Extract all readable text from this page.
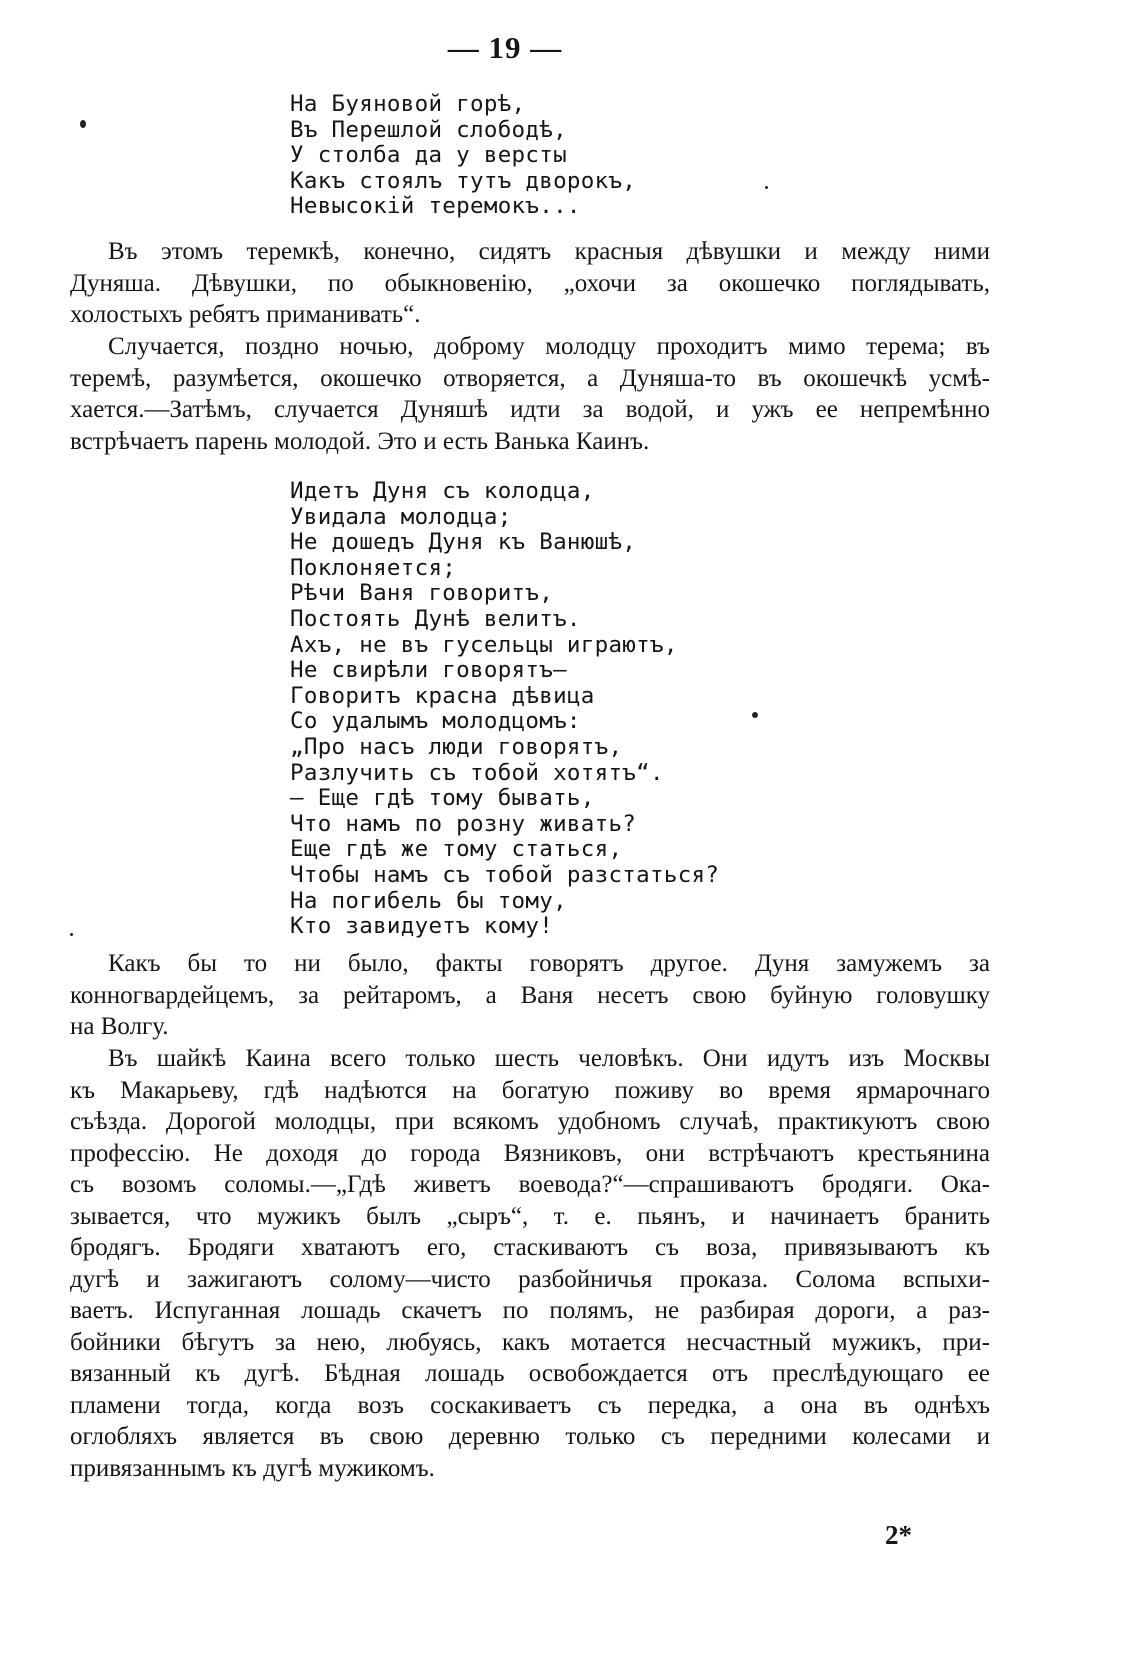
— 19 —
На Буяновой горѣ,
Въ Перешлой слободѣ,
У столба да у версты
Какъ стоялъ тутъ дворокъ,
Невысокій теремокъ...
Въ этомъ теремкѣ, конечно, сидятъ красныя дѣвушки и между ними
Дуняша. Дѣвушки, по обыкновенію, „охочи за окошечко поглядывать,
холостыхъ ребятъ приманивать“.
Случается, поздно ночью, доброму молодцу проходитъ мимо терема; въ
теремѣ, разумѣется, окошечко отворяется, а Дуняша-то въ окошечкѣ усмѣ-
хается.—Затѣмъ, случается Дуняшѣ идти за водой, и ужъ ее непремѣнно
встрѣчаетъ парень молодой. Это и есть Ванька Каинъ.
Идетъ Дуня съ колодца,
Увидала молодца;
Не дошедъ Дуня къ Ванюшѣ,
Поклоняется;
Рѣчи Ваня говоритъ,
Постоять Дунѣ велитъ.
Ахъ, не въ гусельцы играютъ,
Не свирѣли говорятъ—
Говоритъ красна дѣвица
Со удалымъ молодцомъ:
„Про насъ люди говорятъ,
Разлучить съ тобой хотятъ“.
— Еще гдѣ тому бывать,
Что намъ по розну живать?
Еще гдѣ же тому статься,
Чтобы намъ съ тобой разстаться?
На погибель бы тому,
Кто завидуетъ кому!
Какъ бы то ни было, факты говорятъ другое. Дуня замужемъ за
конногвардейцемъ, за рейтаромъ, а Ваня несетъ свою буйную головушку
на Волгу.
Въ шайкѣ Каина всего только шесть человѣкъ. Они идутъ изъ Москвы
къ Макарьеву, гдѣ надѣются на богатую поживу во время ярмарочнаго
съѣзда. Дорогой молодцы, при всякомъ удобномъ случаѣ, практикуютъ свою
профессію. Не доходя до города Вязниковъ, они встрѣчаютъ крестьянина
съ возомъ соломы.—„Гдѣ живетъ воевода?“—спрашиваютъ бродяги. Ока-
зывается, что мужикъ былъ „сыръ“, т. е. пьянъ, и начинаетъ бранить
бродягъ. Бродяги хватаютъ его, стаскиваютъ съ воза, привязываютъ къ
дугѣ и зажигаютъ солому—чисто разбойничья проказа. Солома вспыхи-
ваетъ. Испуганная лошадь скачетъ по полямъ, не разбирая дороги, а раз-
бойники бѣгутъ за нею, любуясь, какъ мотается несчастный мужикъ, при-
вязанный къ дугѣ. Бѣдная лошадь освобождается отъ преслѣдующаго ее
пламени тогда, когда возъ соскакиваетъ съ передка, а она въ однѣхъ
оглобляхъ является въ свою деревню только съ передними колесами и
привязаннымъ къ дугѣ мужикомъ.
2*
